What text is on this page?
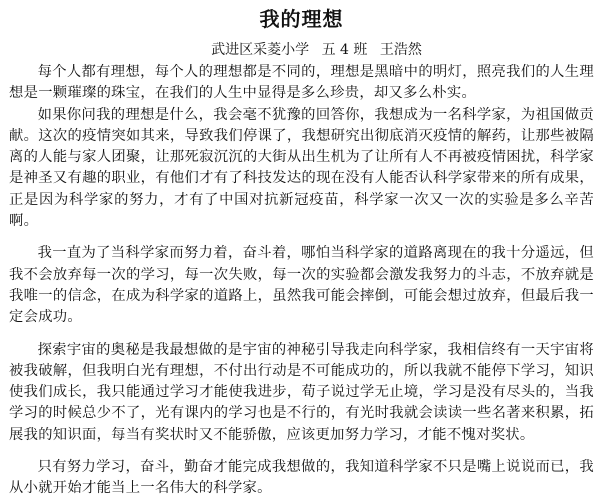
我的理想
武进区采菱小学 五 4 班 王浩然

每个人都有理想，每个人的理想都是不同的，理想是黑暗中的明灯，照亮我们的人生理想是一颗璀璨的珠宝，在我们的人生中显得是多么珍贵，却又多么朴实。

如果你问我的理想是什么，我会毫不犹豫的回答你，我想成为一名科学家，为祖国做贡献。这次的疫情突如其来，导致我们停课了，我想研究出彻底消灭疫情的解药，让那些被隔离的人能与家人团聚，让那死寂沉沉的大街从出生机为了让所有人不再被疫情困扰，科学家是神圣又有趣的职业，有他们才有了科技发达的现在没有人能否认科学家带来的所有成果，正是因为科学家的努力，才有了中国对抗新冠疫苗，科学家一次又一次的实验是多么辛苦啊。

我一直为了当科学家而努力着，奋斗着，哪怕当科学家的道路离现在的我十分遥远，但我不会放弃每一次的学习，每一次失败，每一次的实验都会激发我努力的斗志，不放弃就是我唯一的信念，在成为科学家的道路上，虽然我可能会摔倒，可能会想过放弃，但最后我一定会成功。

探索宇宙的奥秘是我最想做的是宇宙的神秘引导我走向科学家，我相信终有一天宇宙将被我破解，但我明白光有理想，不付出行动是不可能成功的，所以我就不能停下学习，知识使我们成长，我只能通过学习才能使我进步，荀子说过学无止境，学习是没有尽头的，当我学习的时候总少不了，光有课内的学习也是不行的，有光时我就会读读一些名著来积累，拓展我的知识面，每当有奖状时又不能骄傲，应该更加努力学习，才能不愧对奖状。

只有努力学习，奋斗，勤奋才能完成我想做的，我知道科学家不只是嘴上说说而已，我从小就开始才能当上一名伟大的科学家。
